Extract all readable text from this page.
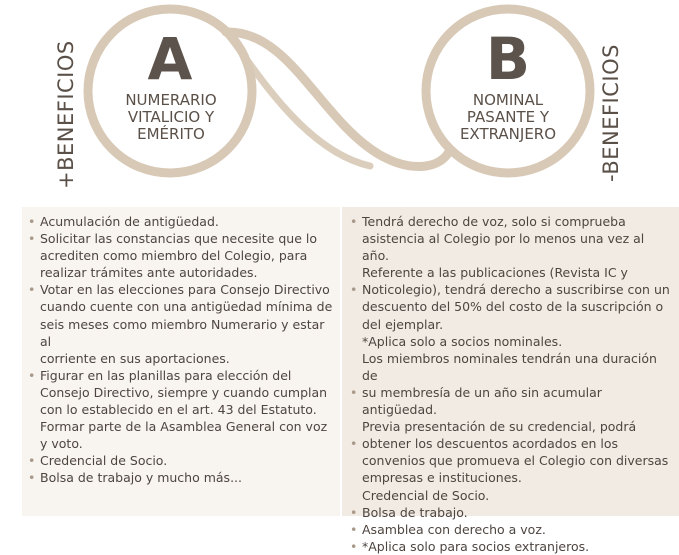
+BENEFICIOS	-BENEFICIOS
A
NUMERARIO
VITALICIO Y
EMÉRITO
B
NOMINAL
PASANTE Y
EXTRANJERO
• Acumulación de antigüedad.
• Solicitar las constancias que necesite que lo
acrediten como miembro del Colegio, para
realizar trámites ante autoridades.
• Votar en las elecciones para Consejo Directivo
cuando cuente con una antigüedad mínima de
seis meses como miembro Numerario y estar al
corriente en sus aportaciones.
• Figurar en las planillas para elección del
Consejo Directivo, siempre y cuando cumplan
con lo establecido en el art. 43 del Estatuto.
Formar parte de la Asamblea General con voz
y voto.
• Credencial de Socio.
• Bolsa de trabajo y mucho más...
• Tendrá derecho de voz, solo si comprueba
asistencia al Colegio por lo menos una vez al año.
Referente a las publicaciones (Revista IC y
• Noticolegio), tendrá derecho a suscribirse con un
descuento del 50% del costo de la suscripción o
del ejemplar.
*Aplica solo a socios nominales.
Los miembros nominales tendrán una duración de
• su membresía de un año sin acumular
antigüedad.
Previa presentación de su credencial, podrá
• obtener los descuentos acordados en los
convenios que promueva el Colegio con diversas
empresas e instituciones.
Credencial de Socio.
• Bolsa de trabajo.
• Asamblea con derecho a voz.
• *Aplica solo para socios extranjeros.
